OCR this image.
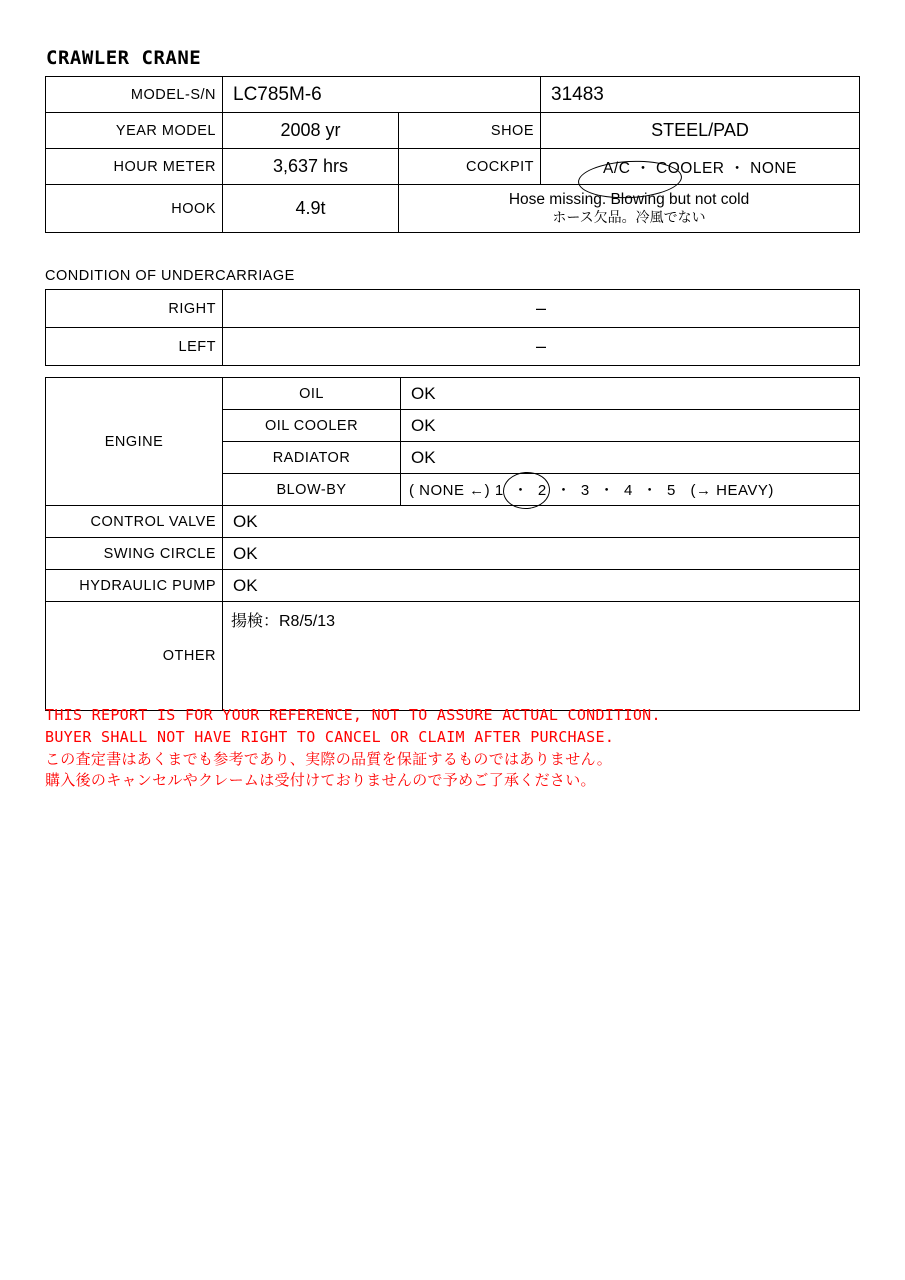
CRAWLER CRANE
MODEL-S/N	LC785M-6		31483
YEAR MODEL	2008 yr	SHOE	STEEL/PAD
HOUR METER	3,637 hrs	COCKPIT	A/C ・ COOLER ・ NONE
HOOK	4.9t	Hose missing. Blowing but not cold
ホース欠品。冷風でない	
CONDITION OF UNDERCARRIAGE
RIGHT	–
LEFT	–
ENGINE	OIL	OK
	OIL COOLER	OK
	RADIATOR	OK
	BLOW-BY	( NONE ←) 1  ・  2  ・  3  ・  4  ・  5 (→ HEAVY)
CONTROL VALVE	OK	
SWING CIRCLE	OK	
HYDRAULIC PUMP	OK	
OTHER	揚検：R8/5/13	
THIS REPORT IS FOR YOUR REFERENCE, NOT TO ASSURE ACTUAL CONDITION.
BUYER SHALL NOT HAVE RIGHT TO CANCEL OR CLAIM AFTER PURCHASE.
この査定書はあくまでも参考であり、実際の品質を保証するものではありません。
購入後のキャンセルやクレームは受付けておりませんので予めご了承ください。
